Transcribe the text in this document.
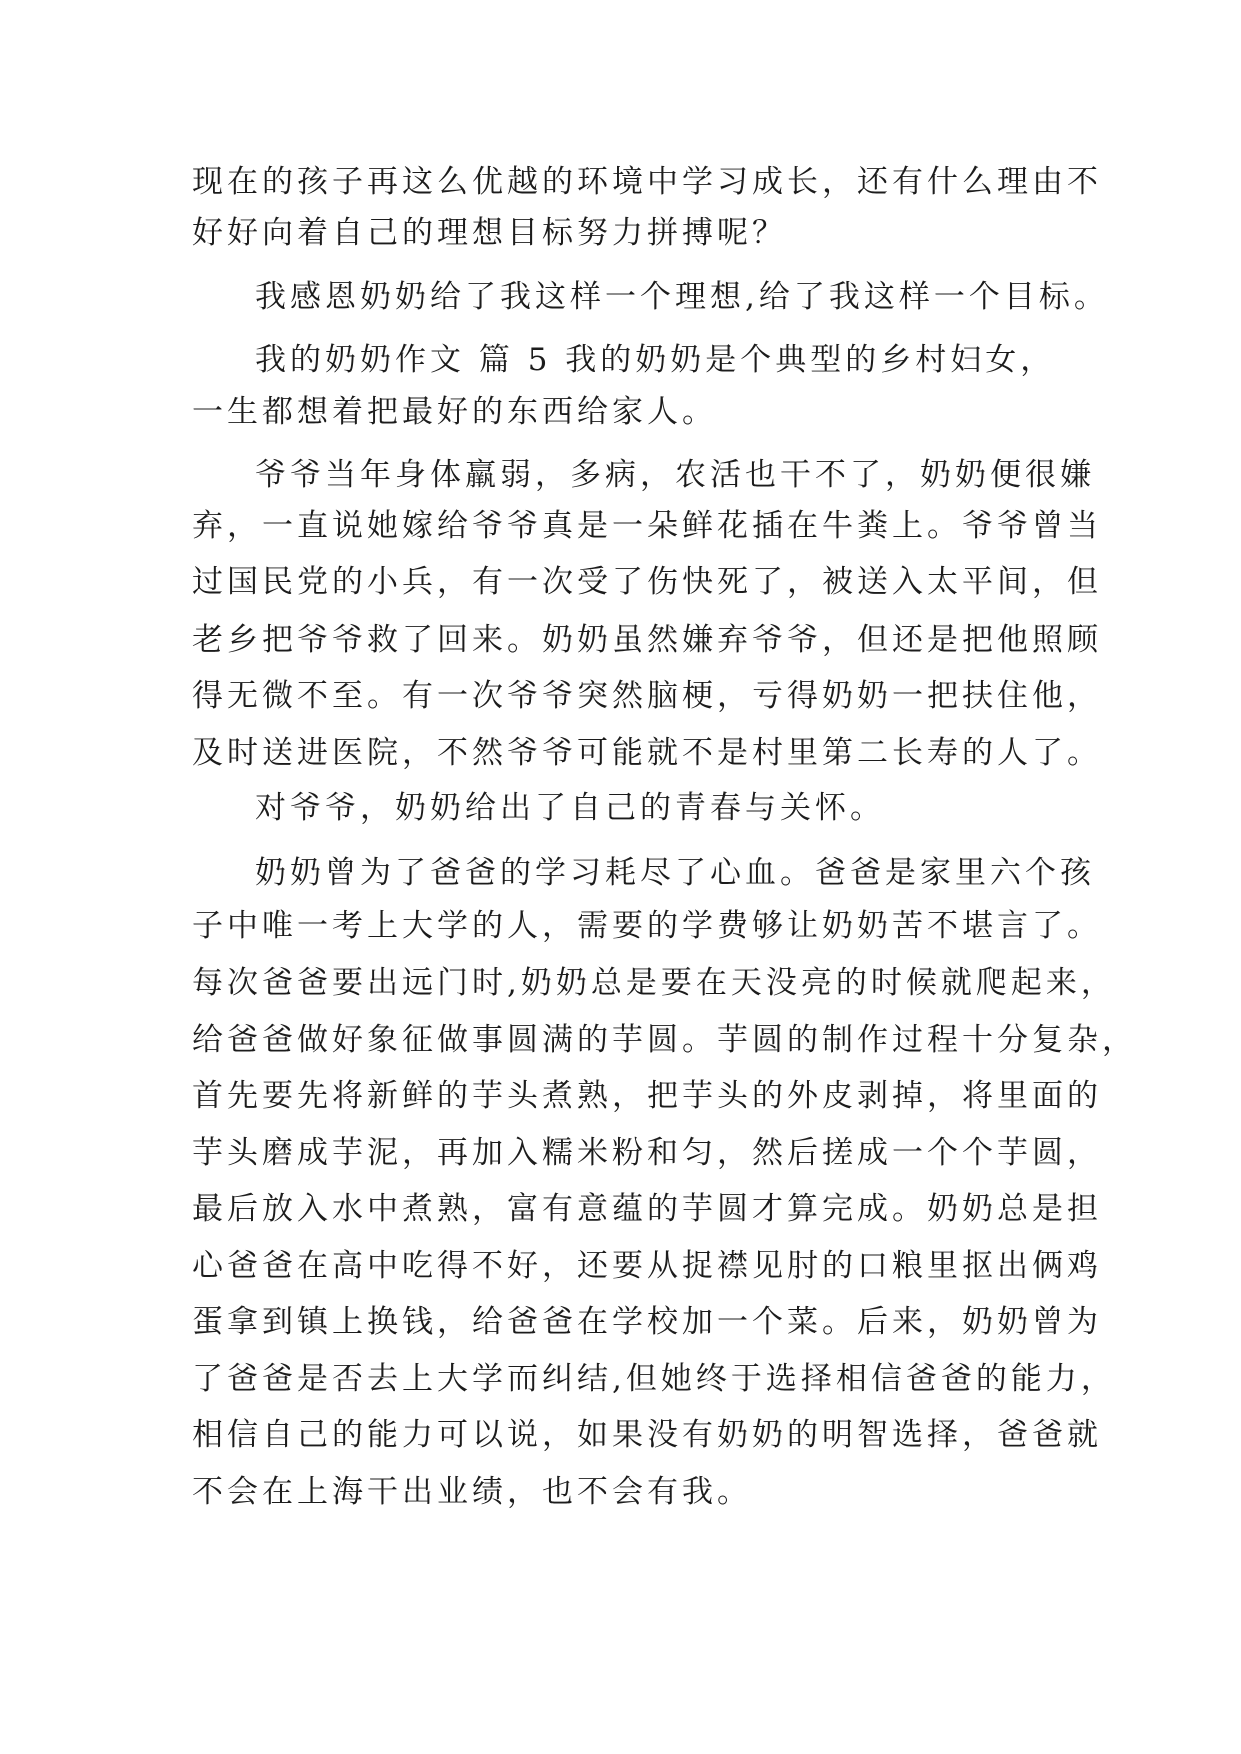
现在的孩子再这么优越的环境中学习成长，还有什么理由不

好好向着自己的理想目标努力拼搏呢？

我感恩奶奶给了我这样一个理想,给了我这样一个目标。

我的奶奶作文 篇 5 我的奶奶是个典型的乡村妇女，

一生都想着把最好的东西给家人。

爷爷当年身体羸弱，多病，农活也干不了，奶奶便很嫌

弃，一直说她嫁给爷爷真是一朵鲜花插在牛粪上。爷爷曾当

过国民党的小兵，有一次受了伤快死了，被送入太平间，但

老乡把爷爷救了回来。奶奶虽然嫌弃爷爷，但还是把他照顾

得无微不至。有一次爷爷突然脑梗，亏得奶奶一把扶住他，

及时送进医院，不然爷爷可能就不是村里第二长寿的人了。

对爷爷，奶奶给出了自己的青春与关怀。

奶奶曾为了爸爸的学习耗尽了心血。爸爸是家里六个孩

子中唯一考上大学的人，需要的学费够让奶奶苦不堪言了。

每次爸爸要出远门时,奶奶总是要在天没亮的时候就爬起来，

给爸爸做好象征做事圆满的芋圆。芋圆的制作过程十分复杂，

首先要先将新鲜的芋头煮熟，把芋头的外皮剥掉，将里面的

芋头磨成芋泥，再加入糯米粉和匀，然后搓成一个个芋圆，

最后放入水中煮熟，富有意蕴的芋圆才算完成。奶奶总是担

心爸爸在高中吃得不好，还要从捉襟见肘的口粮里抠出俩鸡

蛋拿到镇上换钱，给爸爸在学校加一个菜。后来，奶奶曾为

了爸爸是否去上大学而纠结,但她终于选择相信爸爸的能力，

相信自己的能力可以说，如果没有奶奶的明智选择，爸爸就

不会在上海干出业绩，也不会有我。
